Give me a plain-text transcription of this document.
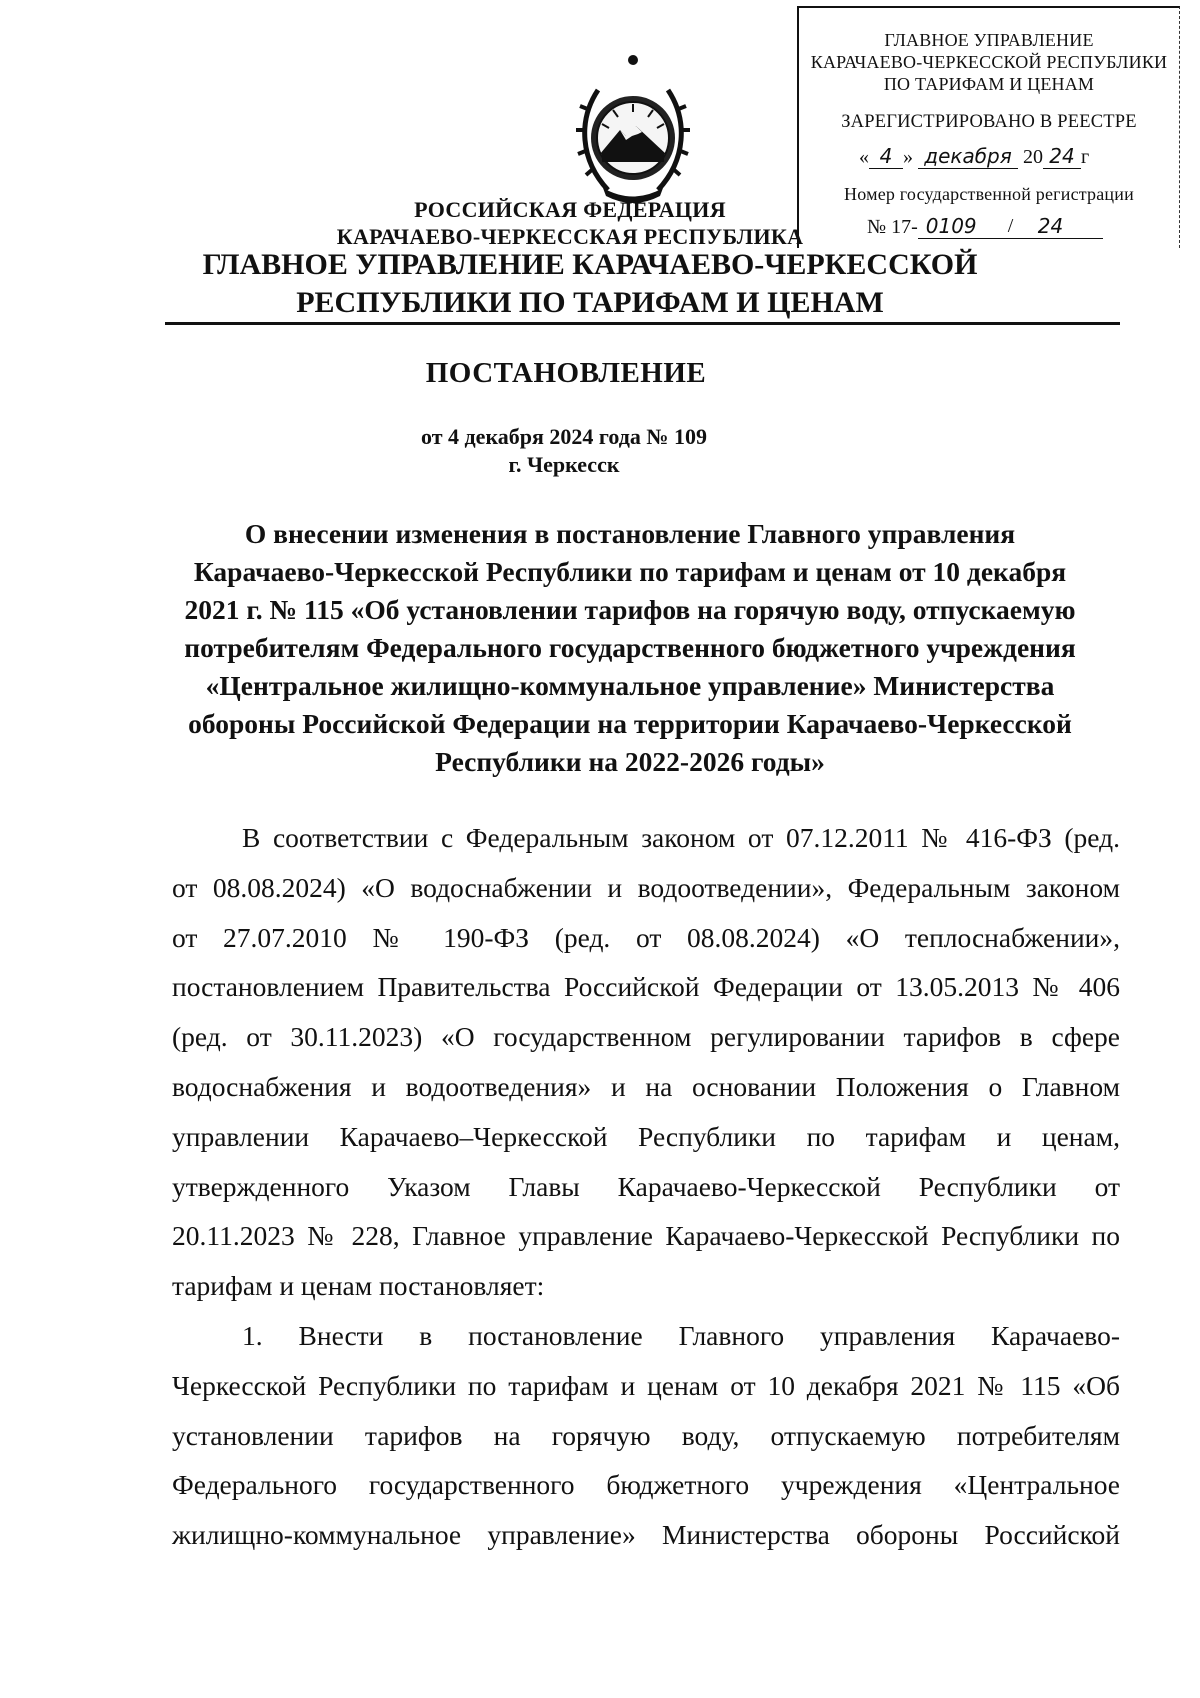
ГЛАВНОЕ УПРАВЛЕНИЕ
КАРАЧАЕВО-ЧЕРКЕССКОЙ РЕСПУБЛИКИ
ПО ТАРИФАМ И ЦЕНАМ
ЗАРЕГИСТРИРОВАНО В РЕЕСТРЕ
« 4 » декабря 20 24 г
Номер государственной регистрации
№ 17- 0109 / 24
РОССИЙСКАЯ ФЕДЕРАЦИЯ
КАРАЧАЕВО-ЧЕРКЕССКАЯ РЕСПУБЛИКА
ГЛАВНОЕ УПРАВЛЕНИЕ КАРАЧАЕВО-ЧЕРКЕССКОЙ
РЕСПУБЛИКИ ПО ТАРИФАМ И ЦЕНАМ
ПОСТАНОВЛЕНИЕ
от 4 декабря 2024 года № 109
г. Черкесск
О внесении изменения в постановление Главного управления
Карачаево-Черкесской Республики по тарифам и ценам от 10 декабря
2021 г. № 115 «Об установлении тарифов на горячую воду, отпускаемую
потребителям Федерального государственного бюджетного учреждения
«Центральное жилищно-коммунальное управление» Министерства
обороны Российской Федерации на территории Карачаево-Черкесской
Республики на 2022-2026 годы»
В соответствии с Федеральным законом от 07.12.2011 № 416-ФЗ (ред.
от 08.08.2024) «О водоснабжении и водоотведении», Федеральным законом
от 27.07.2010 № 190-ФЗ (ред. от 08.08.2024) «О теплоснабжении»,
постановлением Правительства Российской Федерации от 13.05.2013 № 406
(ред. от 30.11.2023) «О государственном регулировании тарифов в сфере
водоснабжения и водоотведения» и на основании Положения о Главном
управлении Карачаево–Черкесской Республики по тарифам и ценам,
утвержденного Указом Главы Карачаево-Черкесской Республики от
20.11.2023 № 228, Главное управление Карачаево-Черкесской Республики по
тарифам и ценам постановляет:
1. Внести в постановление Главного управления Карачаево-
Черкесской Республики по тарифам и ценам от 10 декабря 2021 № 115 «Об
установлении тарифов на горячую воду, отпускаемую потребителям
Федерального государственного бюджетного учреждения «Центральное
жилищно-коммунальное управление» Министерства обороны Российской
